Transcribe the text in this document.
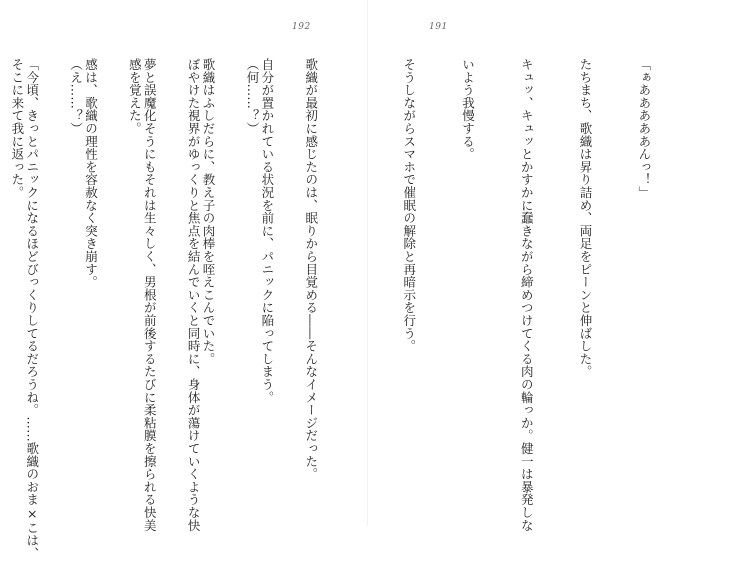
192	191

自分が置かれている状況を前に、パニックに陥ってしまう。

歌織はふしだらに、教え子の肉棒を咥えこんでいた。

夢と誤魔化そうにもそれは生々しく、男根が前後するたびに柔粘膜を擦られる快美

感は、歌織の理性を容赦なく突き崩す。

「今頃、きっとパニックになるほどびっくりしてるだろうね。……歌織のおま×こは、

	「ぁあああああんっ！」

たちまち、歌織は昇り詰め、両足をピーンと伸ばした。

キュッ、キュッとかすかに蠢きながら締めつけてくる肉の輪っか。健一は暴発しな

いよう我慢する。

そうしながらスマホで催眠の解除と再暗示を行う。

歌織が最初に感じたのは、眠りから目覚める――そんなイメージだった。

（何……？）

ぼやけた視界がゆっくりと焦点を結んでいくと同時に、身体が蕩けていくような快

感を覚えた。

（え……？）

そこに来て我に返った。
